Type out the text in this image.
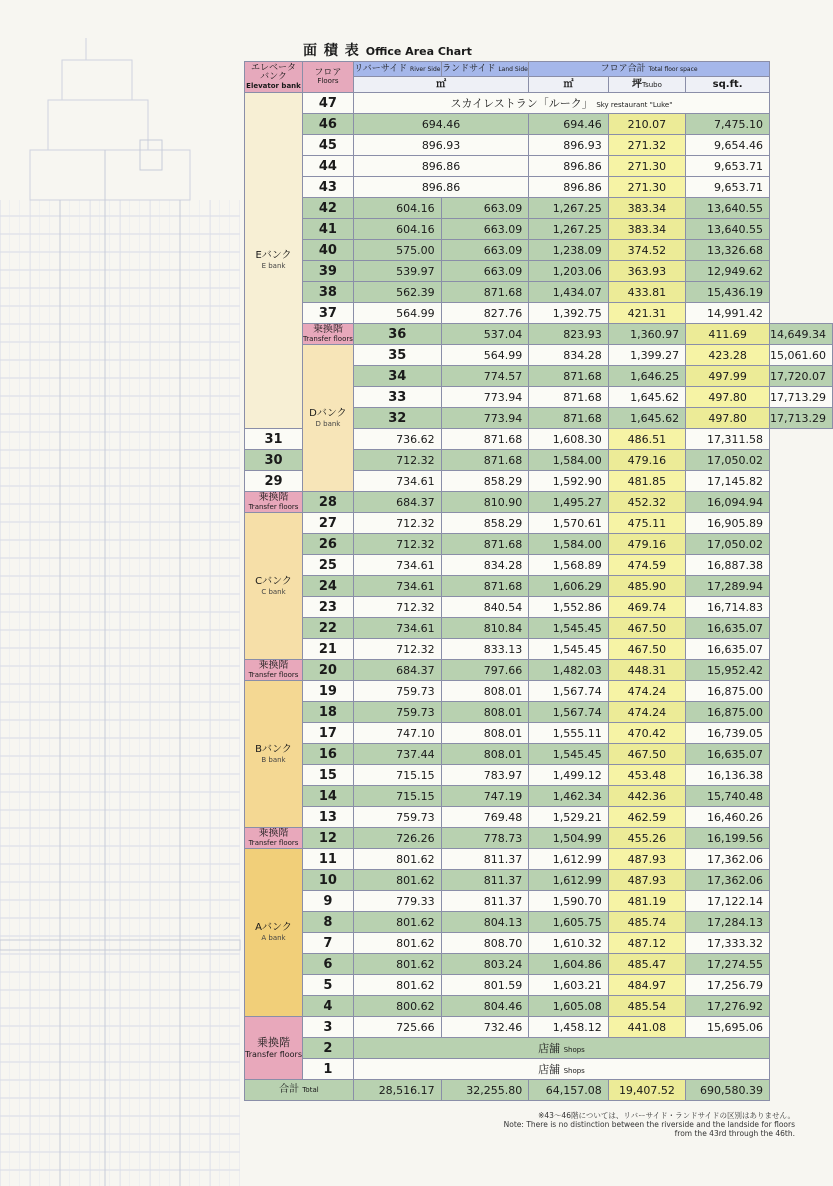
面 積 表 Office Area Chart
エレベータ
バンク
Elevator bank	フロア
Floors	リバーサイド River Side	ランドサイド Land Side	フロア合計 Total floor space			
		㎡		㎡	坪Tsubo	sq.ft.	
Eバンク
E bank	47	スカイレストラン「ルーク」 Sky restaurant "Luke"					
	46	694.46		694.46	210.07	7,475.10	
	45	896.93		896.93	271.32	9,654.46	
	44	896.86		896.86	271.30	9,653.71	
	43	896.86		896.86	271.30	9,653.71	
	42	604.16	663.09	1,267.25	383.34	13,640.55	
	41	604.16	663.09	1,267.25	383.34	13,640.55	
	40	575.00	663.09	1,238.09	374.52	13,326.68	
	39	539.97	663.09	1,203.06	363.93	12,949.62	
	38	562.39	871.68	1,434.07	433.81	15,436.19	
	37	564.99	827.76	1,392.75	421.31	14,991.42	
	乗換階
Transfer floors	36	537.04	823.93	1,360.97	411.69	14,649.34
	Dバンク
D bank	35	564.99	834.28	1,399.27	423.28	15,061.60
		34	774.57	871.68	1,646.25	497.99	17,720.07
		33	773.94	871.68	1,645.62	497.80	17,713.29
		32	773.94	871.68	1,645.62	497.80	17,713.29
31		736.62	871.68	1,608.30	486.51	17,311.58	
30		712.32	871.68	1,584.00	479.16	17,050.02	
29		734.61	858.29	1,592.90	481.85	17,145.82	
乗換階
Transfer floors	28	684.37	810.90	1,495.27	452.32	16,094.94	
Cバンク
C bank	27	712.32	858.29	1,570.61	475.11	16,905.89	
	26	712.32	871.68	1,584.00	479.16	17,050.02	
	25	734.61	834.28	1,568.89	474.59	16,887.38	
	24	734.61	871.68	1,606.29	485.90	17,289.94	
	23	712.32	840.54	1,552.86	469.74	16,714.83	
	22	734.61	810.84	1,545.45	467.50	16,635.07	
	21	712.32	833.13	1,545.45	467.50	16,635.07	
乗換階
Transfer floors	20	684.37	797.66	1,482.03	448.31	15,952.42	
Bバンク
B bank	19	759.73	808.01	1,567.74	474.24	16,875.00	
	18	759.73	808.01	1,567.74	474.24	16,875.00	
	17	747.10	808.01	1,555.11	470.42	16,739.05	
	16	737.44	808.01	1,545.45	467.50	16,635.07	
	15	715.15	783.97	1,499.12	453.48	16,136.38	
	14	715.15	747.19	1,462.34	442.36	15,740.48	
	13	759.73	769.48	1,529.21	462.59	16,460.26	
乗換階
Transfer floors	12	726.26	778.73	1,504.99	455.26	16,199.56	
Aバンク
A bank	11	801.62	811.37	1,612.99	487.93	17,362.06	
	10	801.62	811.37	1,612.99	487.93	17,362.06	
	9	779.33	811.37	1,590.70	481.19	17,122.14	
	8	801.62	804.13	1,605.75	485.74	17,284.13	
	7	801.62	808.70	1,610.32	487.12	17,333.32	
	6	801.62	803.24	1,604.86	485.47	17,274.55	
	5	801.62	801.59	1,603.21	484.97	17,256.79	
	4	800.62	804.46	1,605.08	485.54	17,276.92	
乗換階
Transfer floors	3	725.66	732.46	1,458.12	441.08	15,695.06	
	2	店舗 Shops					
	1	店舗 Shops					
合計 Total		28,516.17	32,255.80	64,157.08	19,407.52	690,580.39	
※43～46階については、リバーサイド・ランドサイドの区別はありません。
Note: There is no distinction between the riverside and the landside for floors
from the 43rd through the 46th.
